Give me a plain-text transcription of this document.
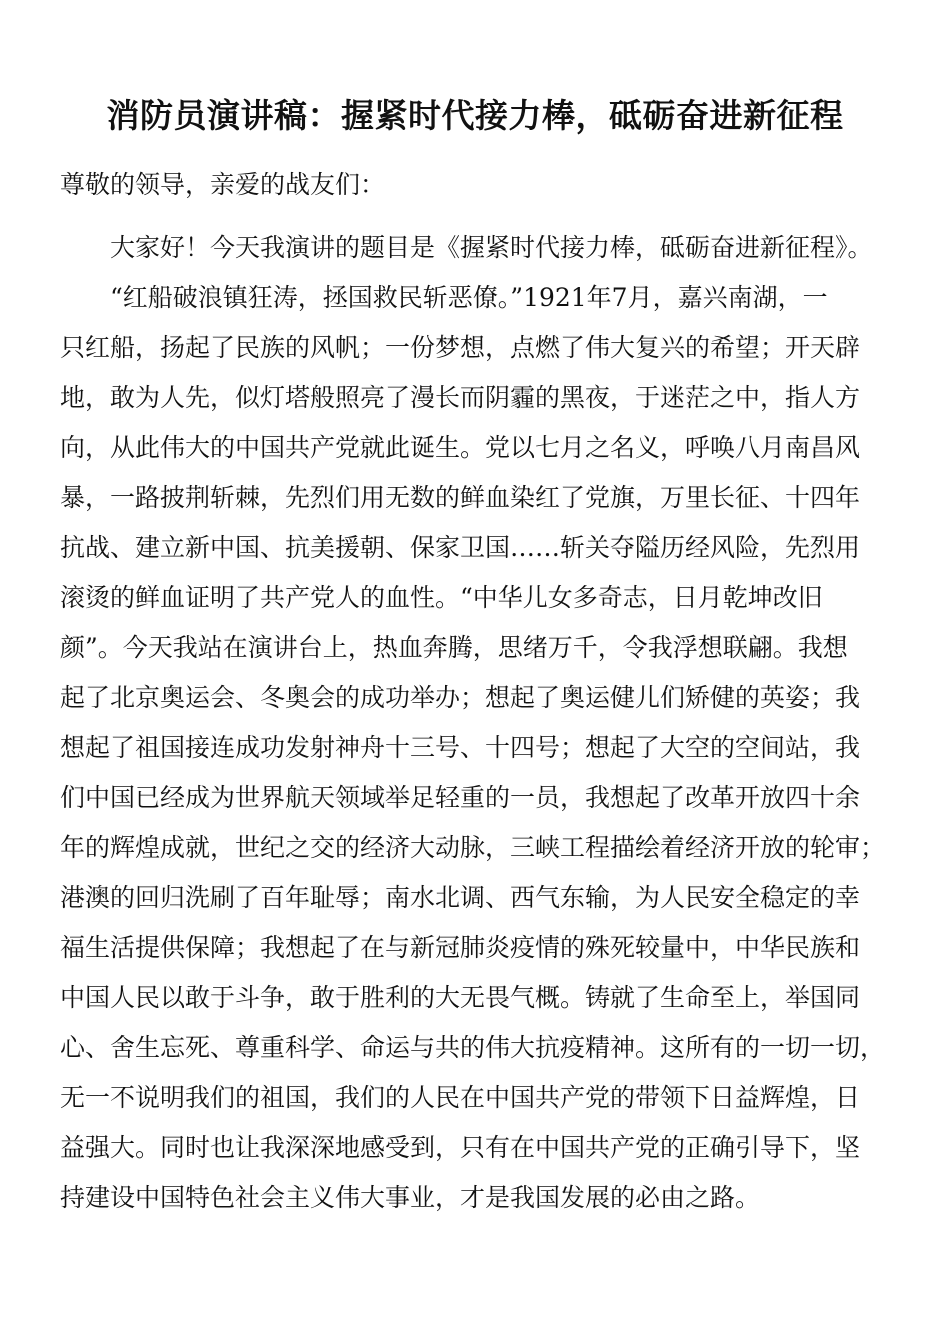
消防员演讲稿：握紧时代接力棒，砥砺奋进新征程
尊敬的领导，亲爱的战友们：
大家好！今天我演讲的题目是《握紧时代接力棒，砥砺奋进新征程》。
“红船破浪镇狂涛，拯国救民斩恶僚。”1921年7月，嘉兴南湖，一
只红船，扬起了民族的风帆；一份梦想，点燃了伟大复兴的希望；开天辟
地，敢为人先，似灯塔般照亮了漫长而阴霾的黑夜，于迷茫之中，指人方
向，从此伟大的中国共产党就此诞生。党以七月之名义，呼唤八月南昌风
暴，一路披荆斩棘，先烈们用无数的鲜血染红了党旗，万里长征、十四年
抗战、建立新中国、抗美援朝、保家卫国……斩关夺隘历经风险，先烈用
滚烫的鲜血证明了共产党人的血性。“中华儿女多奇志，日月乾坤改旧
颜”。今天我站在演讲台上，热血奔腾，思绪万千，令我浮想联翩。我想
起了北京奥运会、冬奥会的成功举办；想起了奥运健儿们矫健的英姿；我
想起了祖国接连成功发射神舟十三号、十四号；想起了大空的空间站，我
们中国已经成为世界航天领域举足轻重的一员，我想起了改革开放四十余
年的辉煌成就，世纪之交的经济大动脉，三峡工程描绘着经济开放的轮审；
港澳的回归洗刷了百年耻辱；南水北调、西气东输，为人民安全稳定的幸
福生活提供保障；我想起了在与新冠肺炎疫情的殊死较量中，中华民族和
中国人民以敢于斗争，敢于胜利的大无畏气概。铸就了生命至上，举国同
心、舍生忘死、尊重科学、命运与共的伟大抗疫精神。这所有的一切一切，
无一不说明我们的祖国，我们的人民在中国共产党的带领下日益辉煌，日
益强大。同时也让我深深地感受到，只有在中国共产党的正确引导下，坚
持建设中国特色社会主义伟大事业，才是我国发展的必由之路。
